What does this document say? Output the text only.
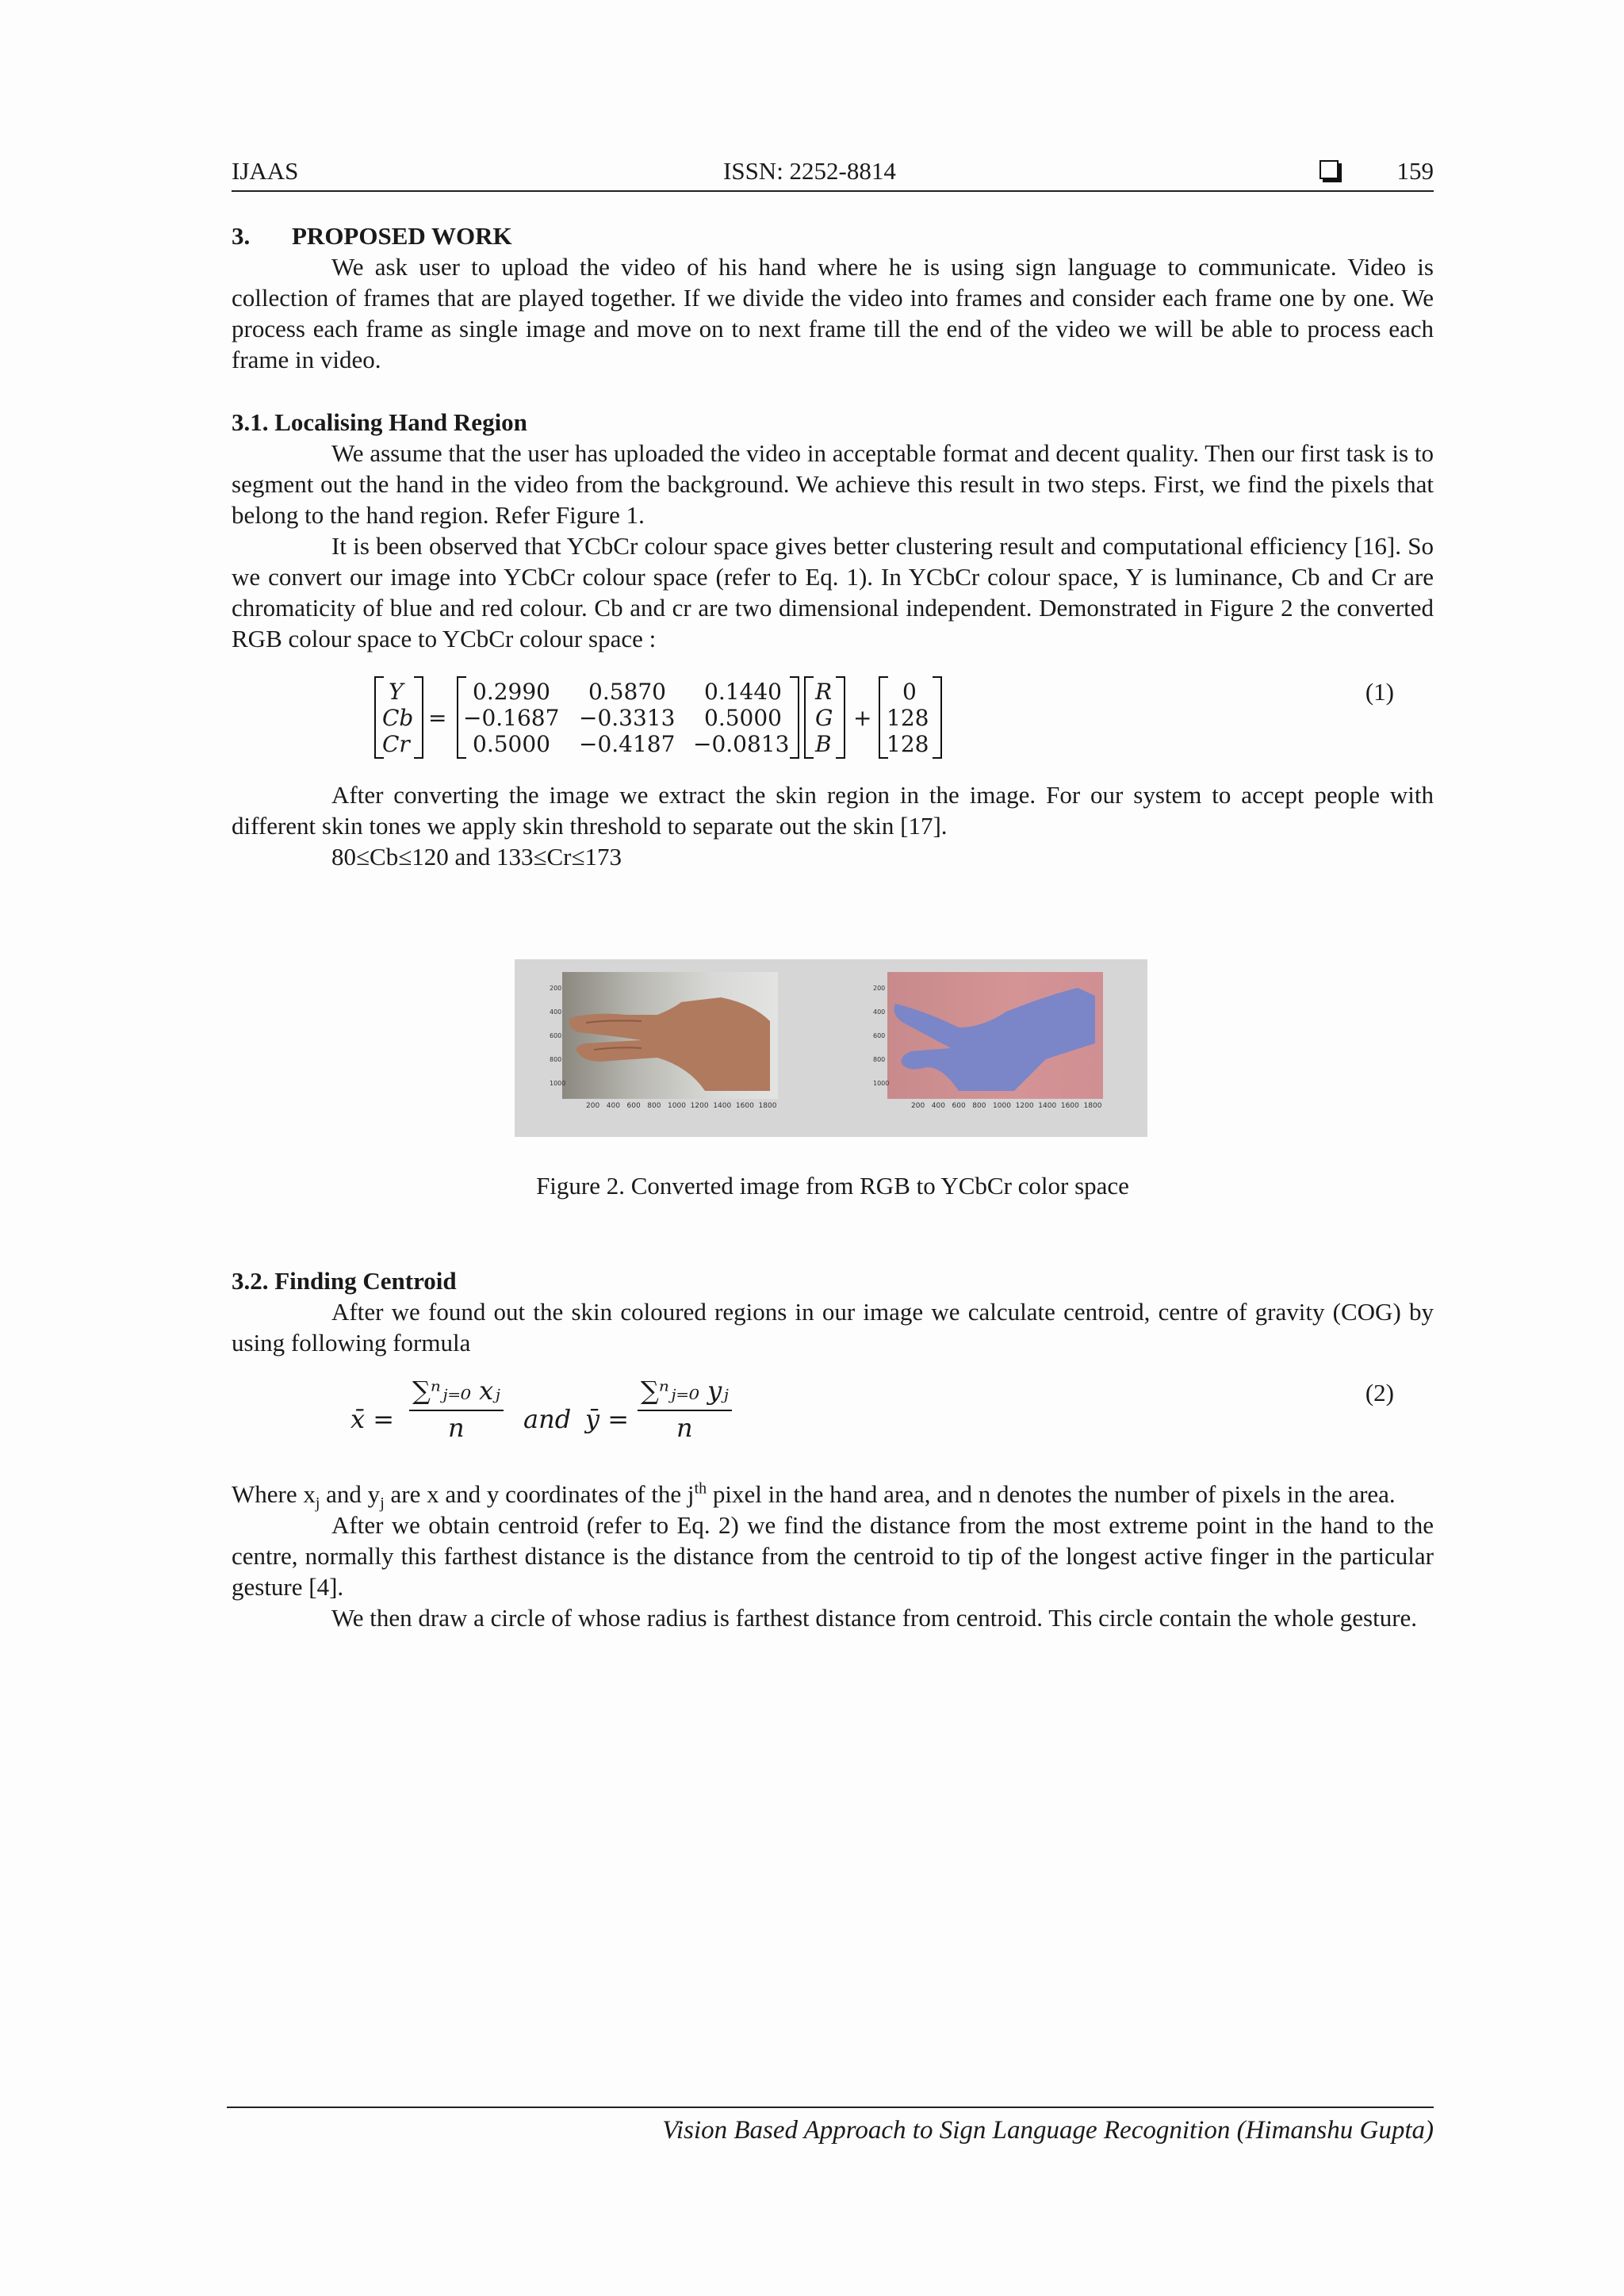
IJAAS	ISSN: 2252-8814	159
3. PROPOSED WORK

We ask user to upload the video of his hand where he is using sign language to communicate. Video is collection of frames that are played together. If we divide the video into frames and consider each frame one by one. We process each frame as single image and move on to next frame till the end of the video we will be able to process each frame in video.

3.1. Localising Hand Region

We assume that the user has uploaded the video in acceptable format and decent quality. Then our first task is to segment out the hand in the video from the background. We achieve this result in two steps. First, we find the pixels that belong to the hand region. Refer Figure 1.

It is been observed that YCbCr colour space gives better clustering result and computational efficiency [16]. So we convert our image into YCbCr colour space (refer to Eq. 1). In YCbCr colour space, Y is luminance, Cb and Cr are chromaticity of blue and red colour. Cb and cr are two dimensional independent. Demonstrated in Figure 2 the converted RGB colour space to YCbCr colour space :

Y
Cb
Cr
=
0.2990 0.5870 0.1440
−0.1687 −0.3313 0.5000
0.5000 −0.4187 −0.0813
R
G
B
+
0
128
128
(1)

After converting the image we extract the skin region in the image. For our system to accept people with different skin tones we apply skin threshold to separate out the skin [17].

80≤Cb≤120 and 133≤Cr≤173

200
400
600
800
1000
200
400
600
800
1000
200   400   600   800   1000  1200  1400  1600  1800	200   400   600   800   1000  1200  1400  1600  1800
Figure 2. Converted image from RGB to YCbCr color space
3.2. Finding Centroid

After we found out the skin coloured regions in our image we calculate centroid, centre of gravity (COG) by using following formula

x̄ = $\frac{\text{∑ⁿⱼ₌₀ xⱼ}}{n}$ and ȳ = $\frac{\text{∑ⁿⱼ₌₀ yⱼ}}{n}$	(2)

Where $x_j$ and $y_j$ are x and y coordinates of the $j^{th}$ pixel in the hand area, and n denotes the number of pixels in the area.

After we obtain centroid (refer to Eq. 2) we find the distance from the most extreme point in the hand to the centre, normally this farthest distance is the distance from the centroid to tip of the longest active finger in the particular gesture [4].

We then draw a circle of whose radius is farthest distance from centroid. This circle contain the whole gesture.

Vision Based Approach to Sign Language Recognition (Himanshu Gupta)
